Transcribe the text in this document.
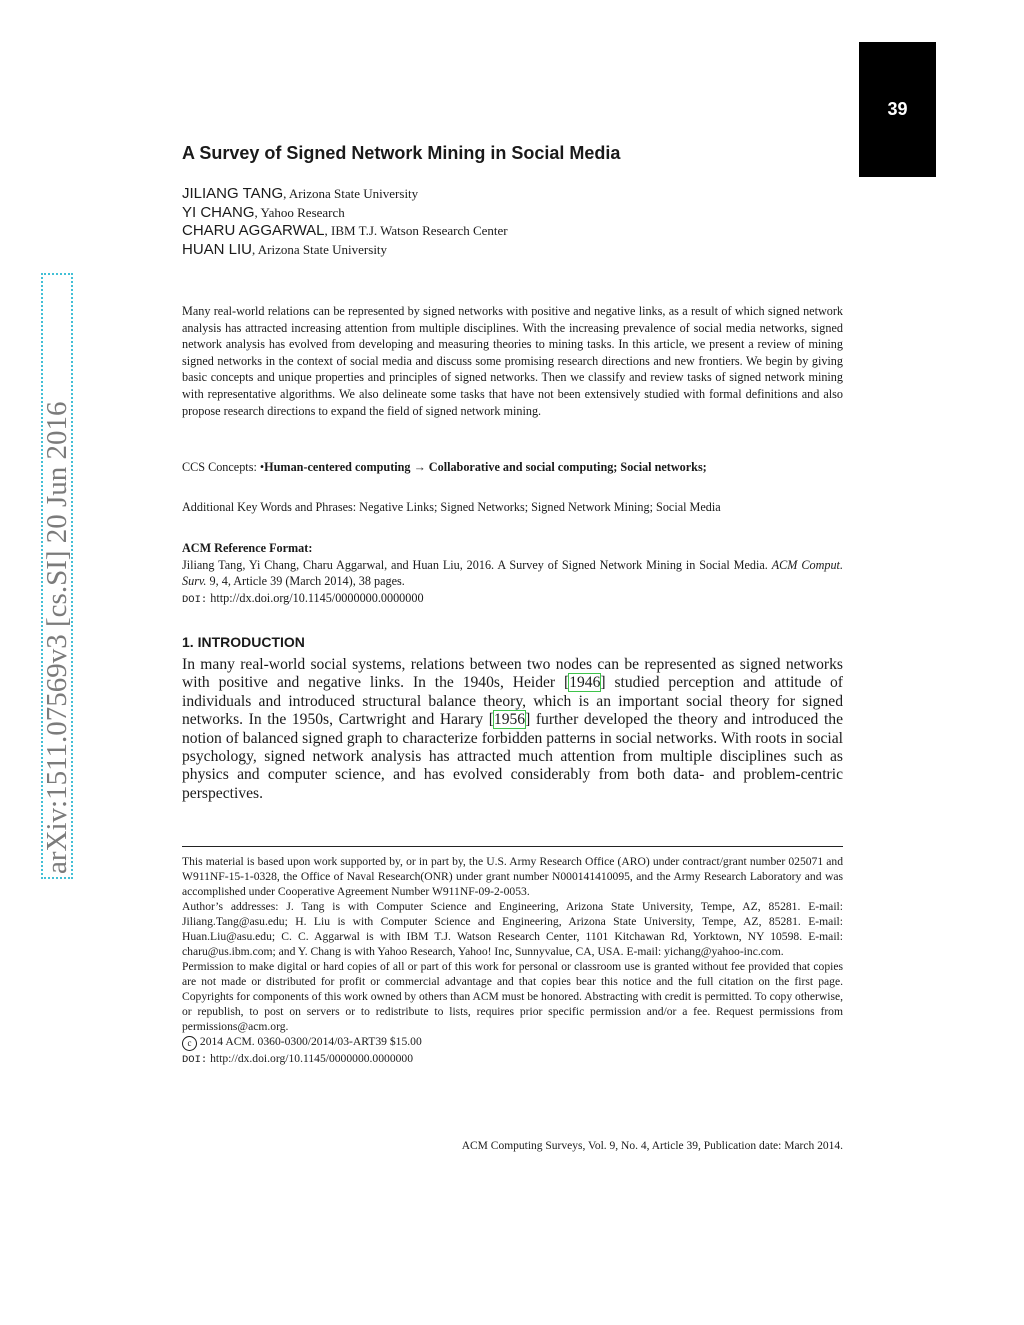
39
arXiv:1511.07569v3 [cs.SI] 20 Jun 2016
A Survey of Signed Network Mining in Social Media
JILIANG TANG, Arizona State University
YI CHANG, Yahoo Research
CHARU AGGARWAL, IBM T.J. Watson Research Center
HUAN LIU, Arizona State University
Many real-world relations can be represented by signed networks with positive and negative links, as a result of which signed network analysis has attracted increasing attention from multiple disciplines. With the increasing prevalence of social media networks, signed network analysis has evolved from developing and measuring theories to mining tasks. In this article, we present a review of mining signed networks in the context of social media and discuss some promising research directions and new frontiers. We begin by giving basic concepts and unique properties and principles of signed networks. Then we classify and review tasks of signed network mining with representative algorithms. We also delineate some tasks that have not been extensively studied with formal definitions and also propose research directions to expand the field of signed network mining.
CCS Concepts: •Human-centered computing → Collaborative and social computing; Social networks;
Additional Key Words and Phrases: Negative Links; Signed Networks; Signed Network Mining; Social Media
ACM Reference Format:
Jiliang Tang, Yi Chang, Charu Aggarwal, and Huan Liu, 2016. A Survey of Signed Network Mining in Social Media. ACM Comput. Surv. 9, 4, Article 39 (March 2014), 38 pages.
DOI: http://dx.doi.org/10.1145/0000000.0000000
1. INTRODUCTION
In many real-world social systems, relations between two nodes can be represented as signed networks with positive and negative links. In the 1940s, Heider [1946] studied perception and attitude of individuals and introduced structural balance theory, which is an important social theory for signed networks. In the 1950s, Cartwright and Harary [1956] further developed the theory and introduced the notion of balanced signed graph to characterize forbidden patterns in social networks. With roots in social psychology, signed network analysis has attracted much attention from multiple disciplines such as physics and computer science, and has evolved considerably from both data- and problem-centric perspectives.

This material is based upon work supported by, or in part by, the U.S. Army Research Office (ARO) under contract/grant number 025071 and W911NF-15-1-0328, the Office of Naval Research(ONR) under grant number N000141410095, and the Army Research Laboratory and was accomplished under Cooperative Agreement Number W911NF-09-2-0053.

Author’s addresses: J. Tang is with Computer Science and Engineering, Arizona State University, Tempe, AZ, 85281. E-mail: Jiliang.Tang@asu.edu; H. Liu is with Computer Science and Engineering, Arizona State University, Tempe, AZ, 85281. E-mail: Huan.Liu@asu.edu; C. C. Aggarwal is with IBM T.J. Watson Research Center, 1101 Kitchawan Rd, Yorktown, NY 10598. E-mail: charu@us.ibm.com; and Y. Chang is with Yahoo Research, Yahoo! Inc, Sunnyvalue, CA, USA. E-mail: yichang@yahoo-inc.com.

Permission to make digital or hard copies of all or part of this work for personal or classroom use is granted without fee provided that copies are not made or distributed for profit or commercial advantage and that copies bear this notice and the full citation on the first page. Copyrights for components of this work owned by others than ACM must be honored. Abstracting with credit is permitted. To copy otherwise, or republish, to post on servers or to redistribute to lists, requires prior specific permission and/or a fee. Request permissions from permissions@acm.org.

c 2014 ACM. 0360-0300/2014/03-ART39 $15.00

DOI: http://dx.doi.org/10.1145/0000000.0000000

ACM Computing Surveys, Vol. 9, No. 4, Article 39, Publication date: March 2014.
